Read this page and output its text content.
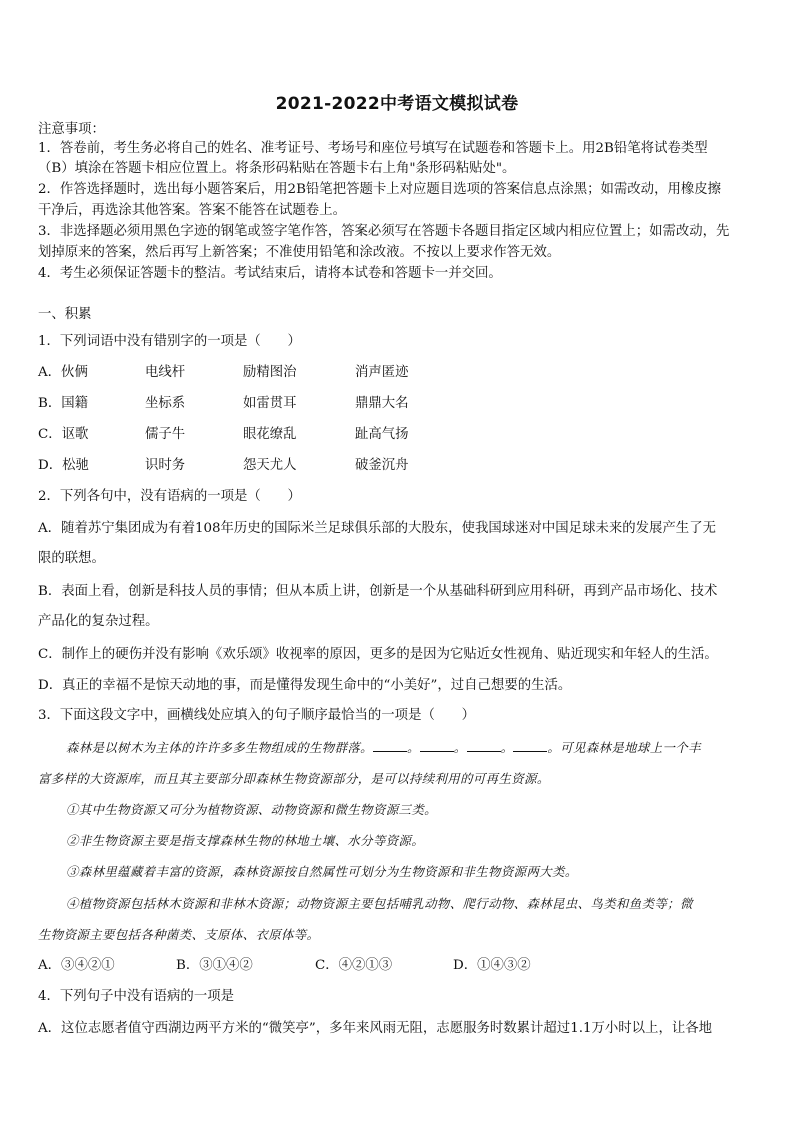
2021-2022中考语文模拟试卷
注意事项：
1．答卷前，考生务必将自己的姓名、准考证号、考场号和座位号填写在试题卷和答题卡上。用2B铅笔将试卷类型
（B）填涂在答题卡相应位置上。将条形码粘贴在答题卡右上角"条形码粘贴处"。
2．作答选择题时，选出每小题答案后，用2B铅笔把答题卡上对应题目选项的答案信息点涂黑；如需改动，用橡皮擦
干净后，再选涂其他答案。答案不能答在试题卷上。
3．非选择题必须用黑色字迹的钢笔或签字笔作答，答案必须写在答题卡各题目指定区域内相应位置上；如需改动，先
划掉原来的答案，然后再写上新答案；不准使用铅笔和涂改液。不按以上要求作答无效。
4．考生必须保证答题卡的整洁。考试结束后，请将本试卷和答题卡一并交回。
一、积累
1．下列词语中没有错别字的一项是（　　）
A．伙俩	电线杆	励精图治	消声匿迹
B．国籍	坐标系	如雷贯耳	鼎鼎大名
C．讴歌	儒子牛	眼花缭乱	趾高气扬
D．松驰	识时务	怨天尤人	破釜沉舟
2．下列各句中，没有语病的一项是（　　）
A．随着苏宁集团成为有着108年历史的国际米兰足球俱乐部的大股东，使我国球迷对中国足球未来的发展产生了无
限的联想。
B．表面上看，创新是科技人员的事情；但从本质上讲，创新是一个从基础科研到应用科研，再到产品市场化、技术
产品化的复杂过程。
C．制作上的硬伤并没有影响《欢乐颂》收视率的原因，更多的是因为它贴近女性视角、贴近现实和年轻人的生活。
D．真正的幸福不是惊天动地的事，而是懂得发现生命中的“小美好”，过自己想要的生活。
3．下面这段文字中，画横线处应填入的句子顺序最恰当的一项是（　　）
森林是以树木为主体的许许多多生物组成的生物群落。	。	。	。	。可见森林是地球上一个丰
富多样的大资源库，而且其主要部分即森林生物资源部分，是可以持续利用的可再生资源。
①其中生物资源又可分为植物资源、动物资源和微生物资源三类。
②非生物资源主要是指支撑森林生物的林地土壤、水分等资源。
③森林里蕴藏着丰富的资源，森林资源按自然属性可划分为生物资源和非生物资源两大类。
④植物资源包括林木资源和非林木资源；动物资源主要包括哺乳动物、爬行动物、森林昆虫、鸟类和鱼类等；微
生物资源主要包括各种菌类、支原体、衣原体等。
A．③④②①	B．③①④②	C．④②①③	D．①④③②
4．下列句子中没有语病的一项是
A．这位志愿者值守西湖边两平方米的“微笑亭”，多年来风雨无阻，志愿服务时数累计超过1.1万小时以上，让各地
